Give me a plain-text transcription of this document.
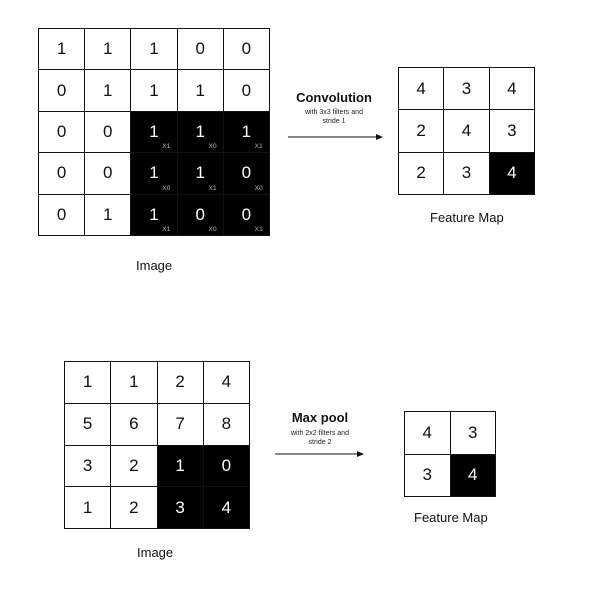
1 1 1 0 0
0 1 1 1 0
0 0 1
X1
1
X0
1
X1
0 0 1
X0
1
X1
0
X0
0 1 1
X1
0
X0
0
X1
Image
Convolution
with 3x3 filters and
stride 1
4 3 4
2 4 3
2 3 4
Feature Map
1 1 2 4
5 6 7 8
3 2 1 0
1 2 3 4
Image
Max pool
with 2x2 filters and
stride 2
4 3
3 4
Feature Map
